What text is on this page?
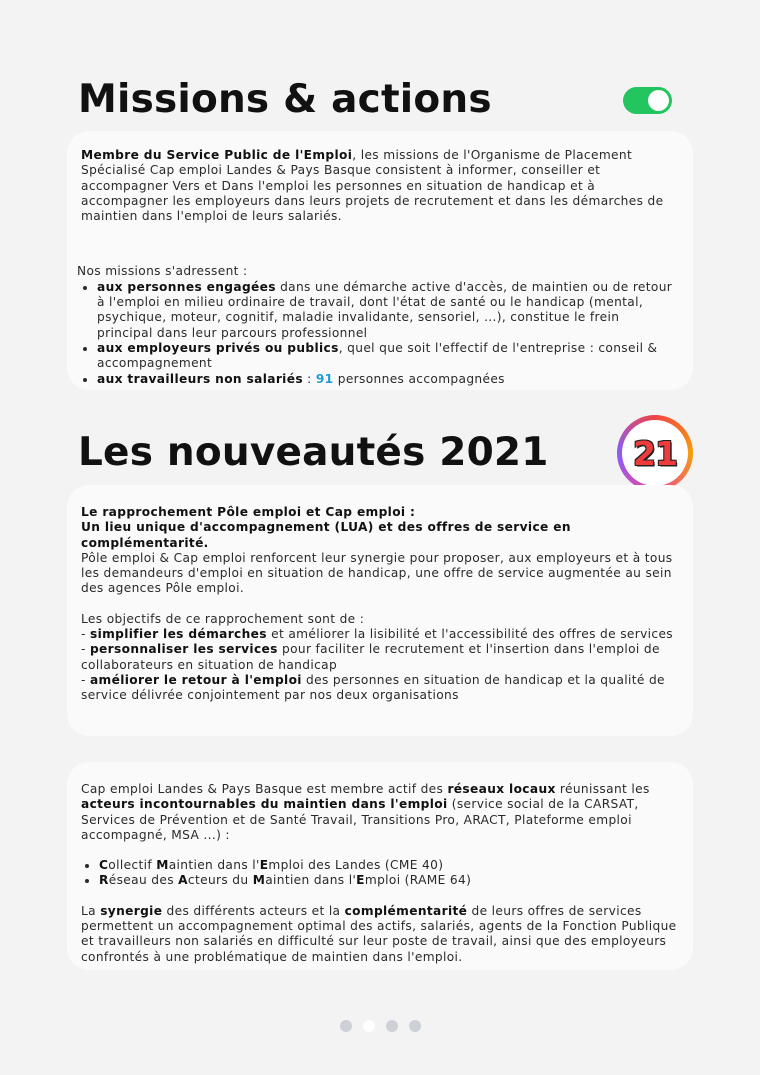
Missions & actions

Membre du Service Public de l'Emploi, les missions de l'Organisme de Placement Spécialisé Cap emploi Landes & Pays Basque consistent à informer, conseiller et accompagner Vers et Dans l'emploi les personnes en situation de handicap et à accompagner les employeurs dans leurs projets de recrutement et dans les démarches de maintien dans l'emploi de leurs salariés.

Nos missions s'adressent :

• aux personnes engagées dans une démarche active d'accès, de maintien ou de retour à l'emploi en milieu ordinaire de travail, dont l'état de santé ou le handicap (mental, psychique, moteur, cognitif, maladie invalidante, sensoriel, ...), constitue le frein principal dans leur parcours professionnel
• aux employeurs privés ou publics, quel que soit l'effectif de l'entreprise : conseil & accompagnement
• aux travailleurs non salariés : 91 personnes accompagnées
Les nouveautés 2021	21

Le rapprochement Pôle emploi et Cap emploi :

Un lieu unique d'accompagnement (LUA) et des offres de service en complémentarité.

Pôle emploi & Cap emploi renforcent leur synergie pour proposer, aux employeurs et à tous les demandeurs d'emploi en situation de handicap, une offre de service augmentée au sein des agences Pôle emploi.

Les objectifs de ce rapprochement sont de :

- simplifier les démarches et améliorer la lisibilité et l'accessibilité des offres de services

- personnaliser les services pour faciliter le recrutement et l'insertion dans l'emploi de collaborateurs en situation de handicap

- améliorer le retour à l'emploi des personnes en situation de handicap et la qualité de service délivrée conjointement par nos deux organisations

Cap emploi Landes & Pays Basque est membre actif des réseaux locaux réunissant les acteurs incontournables du maintien dans l'emploi (service social de la CARSAT, Services de Prévention et de Santé Travail, Transitions Pro, ARACT, Plateforme emploi accompagné, MSA ...) :

• Collectif Maintien dans l'Emploi des Landes (CME 40)
• Réseau des Acteurs du Maintien dans l'Emploi (RAME 64)

La synergie des différents acteurs et la complémentarité de leurs offres de services permettent un accompagnement optimal des actifs, salariés, agents de la Fonction Publique et travailleurs non salariés en difficulté sur leur poste de travail, ainsi que des employeurs confrontés à une problématique de maintien dans l'emploi.
